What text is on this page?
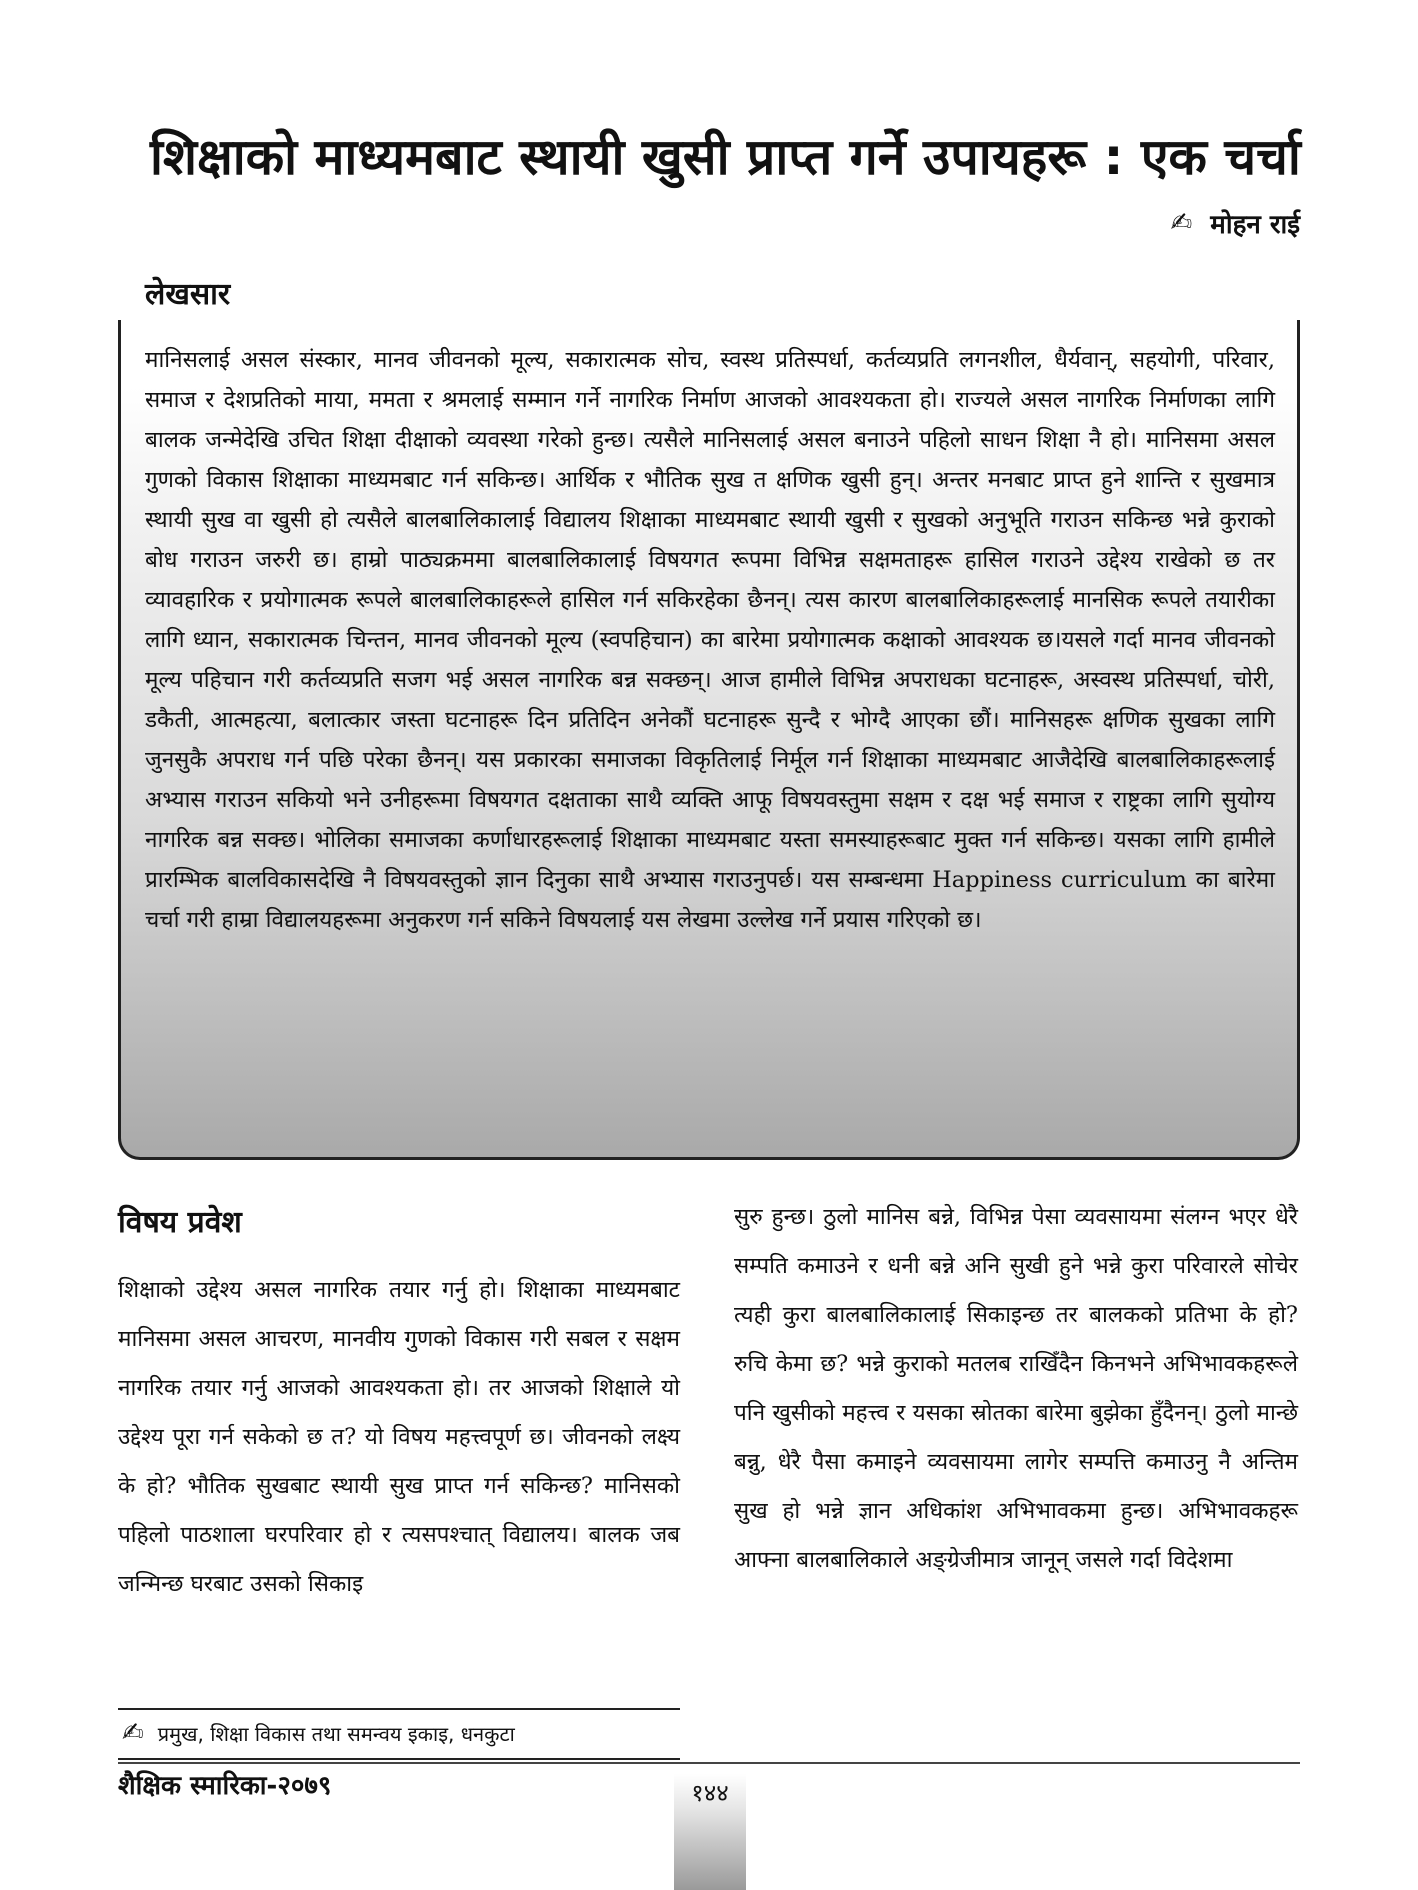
शिक्षाको माध्यमबाट स्थायी खुसी प्राप्त गर्ने उपायहरू : एक चर्चा
✍ मोहन राई
लेखसार

मानिसलाई असल संस्कार, मानव जीवनको मूल्य, सकारात्मक सोच, स्वस्थ प्रतिस्पर्धा, कर्तव्यप्रति लगनशील, धैर्यवान्, सहयोगी, परिवार, समाज र देशप्रतिको माया, ममता र श्रमलाई सम्मान गर्ने नागरिक निर्माण आजको आवश्यकता हो। राज्यले असल नागरिक निर्माणका लागि बालक जन्मेदेखि उचित शिक्षा दीक्षाको व्यवस्था गरेको हुन्छ। त्यसैले मानिसलाई असल बनाउने पहिलो साधन शिक्षा नै हो। मानिसमा असल गुणको विकास शिक्षाका माध्यमबाट गर्न सकिन्छ। आर्थिक र भौतिक सुख त क्षणिक खुसी हुन्। अन्तर मनबाट प्राप्त हुने शान्ति र सुखमात्र स्थायी सुख वा खुसी हो त्यसैले बालबालिकालाई विद्यालय शिक्षाका माध्यमबाट स्थायी खुसी र सुखको अनुभूति गराउन सकिन्छ भन्ने कुराको बोध गराउन जरुरी छ। हाम्रो पाठ्यक्रममा बालबालिकालाई विषयगत रूपमा विभिन्न सक्षमताहरू हासिल गराउने उद्देश्य राखेको छ तर व्यावहारिक र प्रयोगात्मक रूपले बालबालिकाहरूले हासिल गर्न सकिरहेका छैनन्। त्यस कारण बालबालिकाहरूलाई मानसिक रूपले तयारीका लागि ध्यान, सकारात्मक चिन्तन, मानव जीवनको मूल्य (स्वपहिचान) का बारेमा प्रयोगात्मक कक्षाको आवश्यक छ।यसले गर्दा मानव जीवनको मूल्य पहिचान गरी कर्तव्यप्रति सजग भई असल नागरिक बन्न सक्छन्। आज हामीले विभिन्न अपराधका घटनाहरू, अस्वस्थ प्रतिस्पर्धा, चोरी, डकैती, आत्महत्या, बलात्कार जस्ता घटनाहरू दिन प्रतिदिन अनेकौं घटनाहरू सुन्दै र भोग्दै आएका छौं। मानिसहरू क्षणिक सुखका लागि जुनसुकै अपराध गर्न पछि परेका छैनन्। यस प्रकारका समाजका विकृतिलाई निर्मूल गर्न शिक्षाका माध्यमबाट आजैदेखि बालबालिकाहरूलाई अभ्यास गराउन सकियो भने उनीहरूमा विषयगत दक्षताका साथै व्यक्ति आफू विषयवस्तुमा सक्षम र दक्ष भई समाज र राष्ट्रका लागि सुयोग्य नागरिक बन्न सक्छ। भोलिका समाजका कर्णाधारहरूलाई शिक्षाका माध्यमबाट यस्ता समस्याहरूबाट मुक्त गर्न सकिन्छ। यसका लागि हामीले प्रारम्भिक बालविकासदेखि नै विषयवस्तुको ज्ञान दिनुका साथै अभ्यास गराउनुपर्छ। यस सम्बन्धमा Happiness curriculum का बारेमा चर्चा गरी हाम्रा विद्यालयहरूमा अनुकरण गर्न सकिने विषयलाई यस लेखमा उल्लेख गर्ने प्रयास गरिएको छ।

विषय प्रवेश

शिक्षाको उद्देश्य असल नागरिक तयार गर्नु हो। शिक्षाका माध्यमबाट मानिसमा असल आचरण, मानवीय गुणको विकास गरी सबल र सक्षम नागरिक तयार गर्नु आजको आवश्यकता हो। तर आजको शिक्षाले यो उद्देश्य पूरा गर्न सकेको छ त? यो विषय महत्त्वपूर्ण छ। जीवनको लक्ष्य के हो? भौतिक सुखबाट स्थायी सुख प्राप्त गर्न सकिन्छ? मानिसको पहिलो पाठशाला घरपरिवार हो र त्यसपश्चात् विद्यालय। बालक जब जन्मिन्छ घरबाट उसको सिकाइ

सुरु हुन्छ। ठुलो मानिस बन्ने, विभिन्न पेसा व्यवसायमा संलग्न भएर धेरै सम्पति कमाउने र धनी बन्ने अनि सुखी हुने भन्ने कुरा परिवारले सोचेर त्यही कुरा बालबालिकालाई सिकाइन्छ तर बालकको प्रतिभा के हो? रुचि केमा छ? भन्ने कुराको मतलब राखिँदैन किनभने अभिभावकहरूले पनि खुसीको महत्त्व र यसका स्रोतका बारेमा बुझेका हुँदैनन्। ठुलो मान्छे बन्नु, धेरै पैसा कमाइने व्यवसायमा लागेर सम्पत्ति कमाउनु नै अन्तिम सुख हो भन्ने ज्ञान अधिकांश अभिभावकमा हुन्छ। अभिभावकहरू आफ्ना बालबालिकाले अङ्ग्रेजीमात्र जानून् जसले गर्दा विदेशमा

✍ प्रमुख, शिक्षा विकास तथा समन्वय इकाइ, धनकुटा
शैक्षिक स्मारिका-२०७९	१४४
